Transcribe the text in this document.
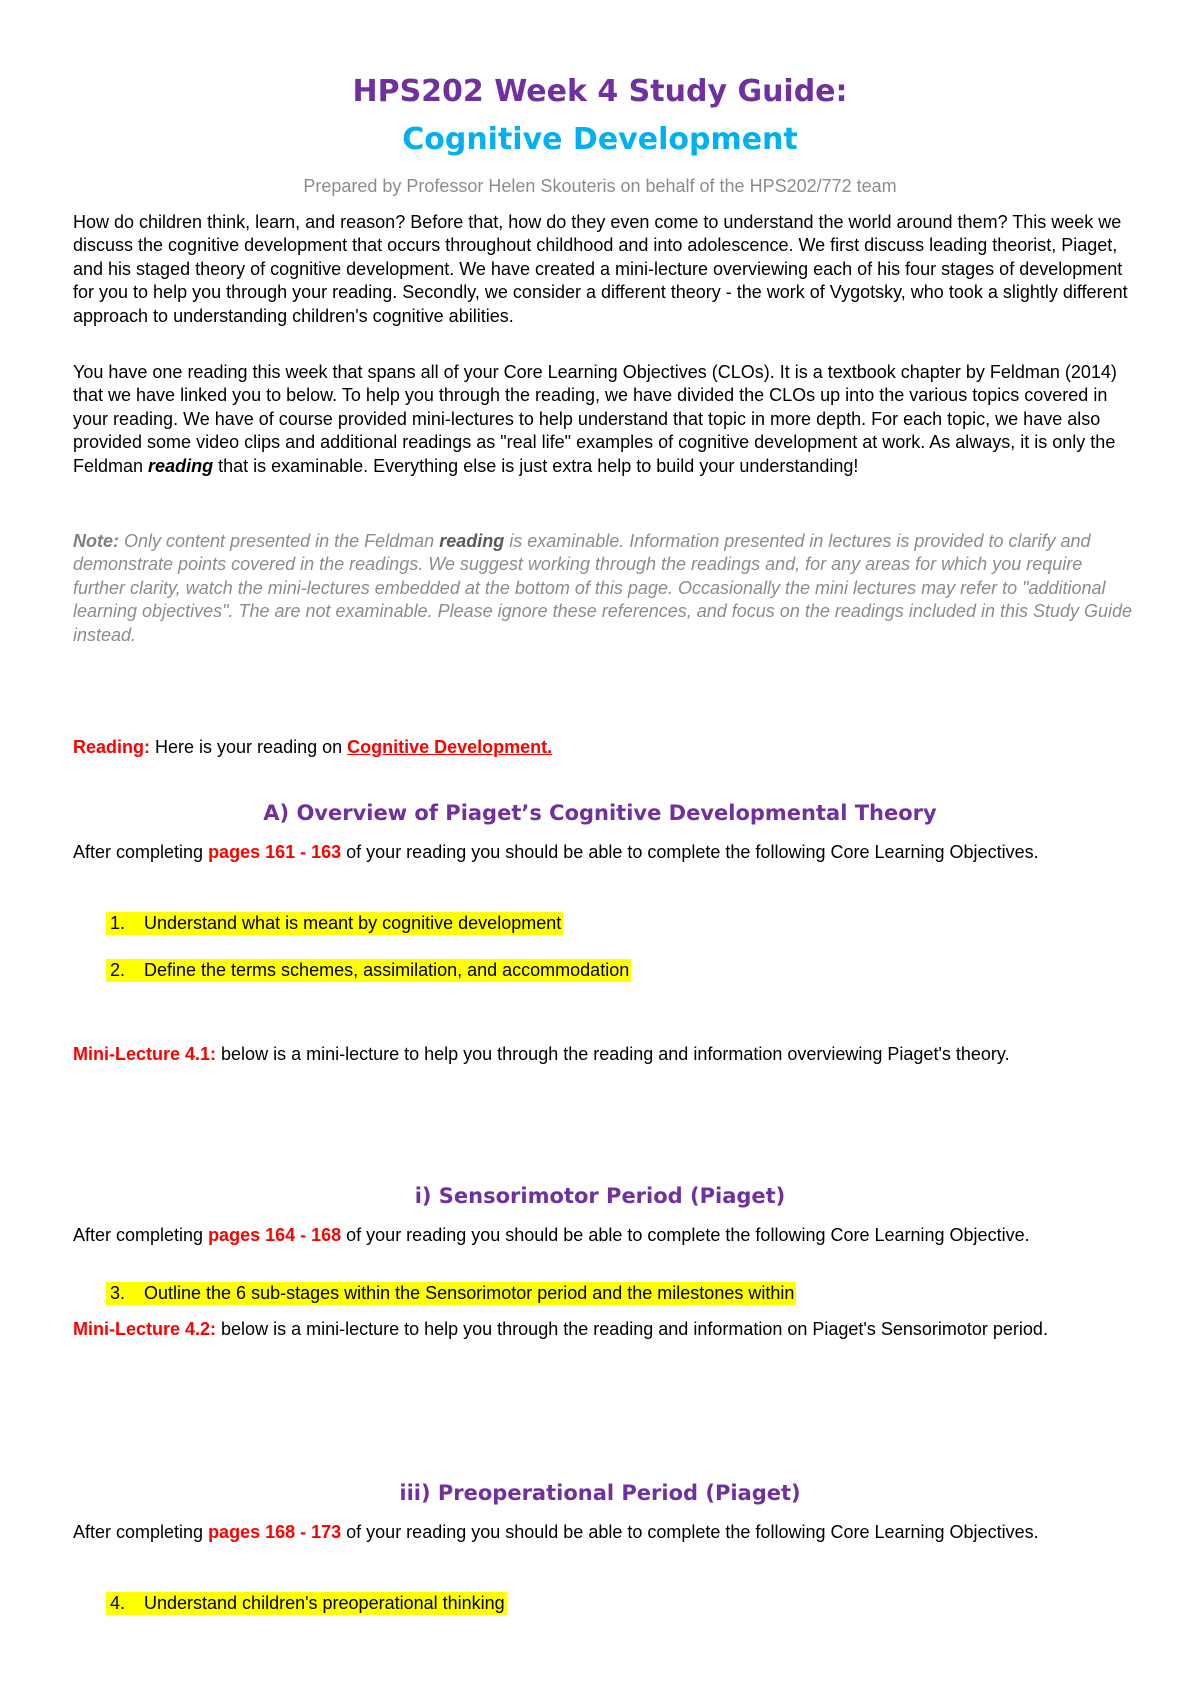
HPS202 Week 4 Study Guide:
Cognitive Development
Prepared by Professor Helen Skouteris on behalf of the HPS202/772 team
How do children think, learn, and reason? Before that, how do they even come to understand the world around them? This week we discuss the cognitive development that occurs throughout childhood and into adolescence. We first discuss leading theorist, Piaget, and his staged theory of cognitive development. We have created a mini-lecture overviewing each of his four stages of development for you to help you through your reading. Secondly, we consider a different theory - the work of Vygotsky, who took a slightly different approach to understanding children's cognitive abilities.
You have one reading this week that spans all of your Core Learning Objectives (CLOs). It is a textbook chapter by Feldman (2014) that we have linked you to below. To help you through the reading, we have divided the CLOs up into the various topics covered in your reading. We have of course provided mini-lectures to help understand that topic in more depth. For each topic, we have also provided some video clips and additional readings as "real life" examples of cognitive development at work. As always, it is only the Feldman reading that is examinable. Everything else is just extra help to build your understanding!
Note: Only content presented in the Feldman reading is examinable. Information presented in lectures is provided to clarify and demonstrate points covered in the readings. We suggest working through the readings and, for any areas for which you require further clarity, watch the mini-lectures embedded at the bottom of this page. Occasionally the mini lectures may refer to "additional learning objectives". The are not examinable. Please ignore these references, and focus on the readings included in this Study Guide instead.
Reading: Here is your reading on Cognitive Development.
A) Overview of Piaget’s Cognitive Developmental Theory
After completing pages 161 - 163 of your reading you should be able to complete the following Core Learning Objectives.
1. Understand what is meant by cognitive development
2. Define the terms schemes, assimilation, and accommodation
Mini-Lecture 4.1: below is a mini-lecture to help you through the reading and information overviewing Piaget's theory.
i) Sensorimotor Period (Piaget)
After completing pages 164 - 168 of your reading you should be able to complete the following Core Learning Objective.
3. Outline the 6 sub-stages within the Sensorimotor period and the milestones within
Mini-Lecture 4.2: below is a mini-lecture to help you through the reading and information on Piaget's Sensorimotor period.
iii) Preoperational Period (Piaget)
After completing pages 168 - 173 of your reading you should be able to complete the following Core Learning Objectives.
4. Understand children's preoperational thinking
